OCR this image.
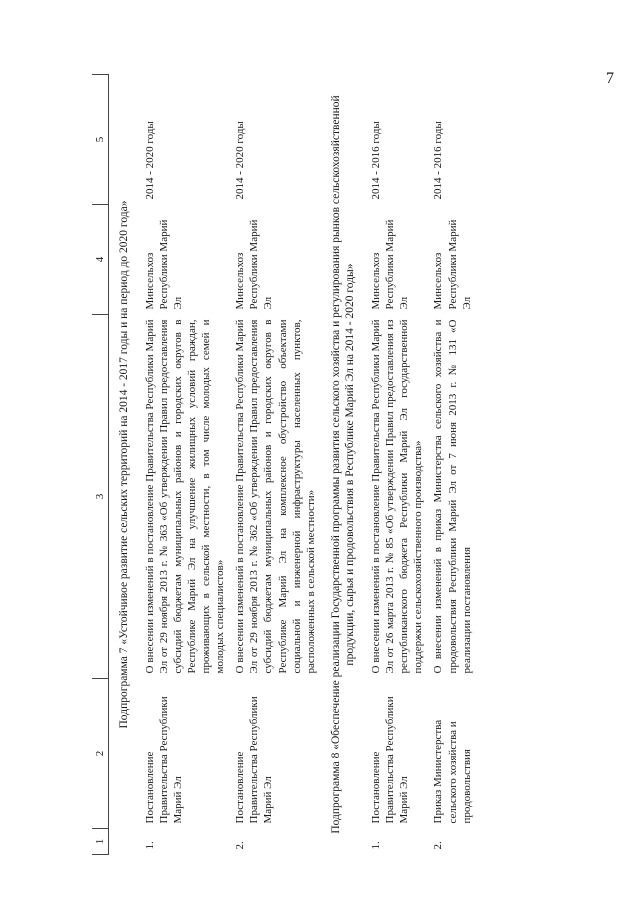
7
1	2	3	4	5
Подпрограмма 7 «Устойчивое развитие сельских территорий на 2014 - 2017 годы и на период до 2020 года»				
1.	Постановление Правительства Республики Марий Эл	О внесении изменений в постановление Правительства Республики Марий Эл от 29 ноября 2013 г. № 363 «Об утверждении Правил предоставления субсидий бюджетам муниципальных районов и городских округов в Республике Марий Эл на улучшение жилищных условий граждан, проживающих в сельской местности, в том числе молодых семей и молодых специалистов»	Минсельхоз Республики Марий Эл	2014 - 2020 годы
2.	Постановление Правительства Республики Марий Эл	О внесении изменений в постановление Правительства Республики Марий Эл от 29 ноября 2013 г. № 362 «Об утверждении Правил предоставления субсидий бюджетам муниципальных районов и городских округов в Республике Марий Эл на комплексное обустройство объектами социальной и инженерной инфраструктуры населенных пунктов, расположенных в сельской местности»	Минсельхоз Республики Марий Эл	2014 - 2020 годы
Подпрограмма 8 «Обеспечение реализации Государственной программы развития сельского хозяйства и регулирования рынков сельскохозяйственной продукции, сырья и продовольствия в Республике Марий Эл на 2014 - 2020 годы»				
1.	Постановление Правительства Республики Марий Эл	О внесении изменений в постановление Правительства Республики Марий Эл от 26 марта 2013 г. № 85 «Об утверждении Правил предоставления из республиканского бюджета Республики Марий Эл государственной поддержки сельскохозяйственного производства»	Минсельхоз Республики Марий Эл	2014 - 2016 годы
2.	Приказ Министерства сельского хозяйства и продовольствия	О внесении изменений в приказ Министерства сельского хозяйства и продовольствия Республики Марий Эл от 7 июня 2013 г. № 131 «О реализации постановления	Минсельхоз Республики Марий Эл	2014 - 2016 годы
